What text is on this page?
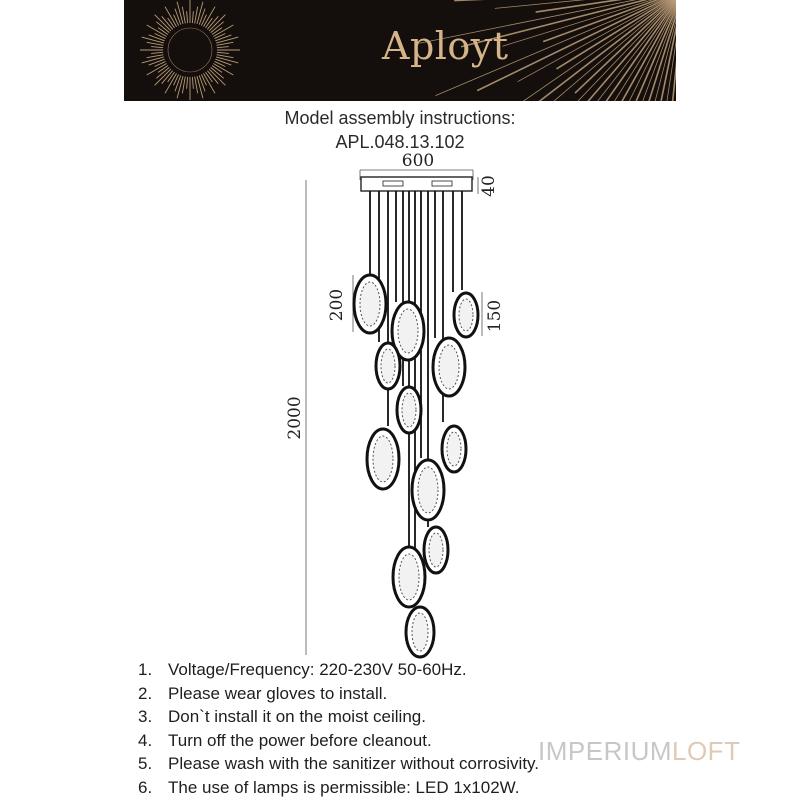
Aployt
Model assembly instructions:
APL.048.13.102
600
40
2000
200	150
1. Voltage/Frequency: 220-230V 50-60Hz.
2. Please wear gloves to install.
3. Don`t install it on the moist ceiling.
4. Turn off the power before cleanout.
5. Please wash with the sanitizer without corrosivity.
6. The use of lamps is permissible: LED 1x102W.
IMPERIUMLOFT
